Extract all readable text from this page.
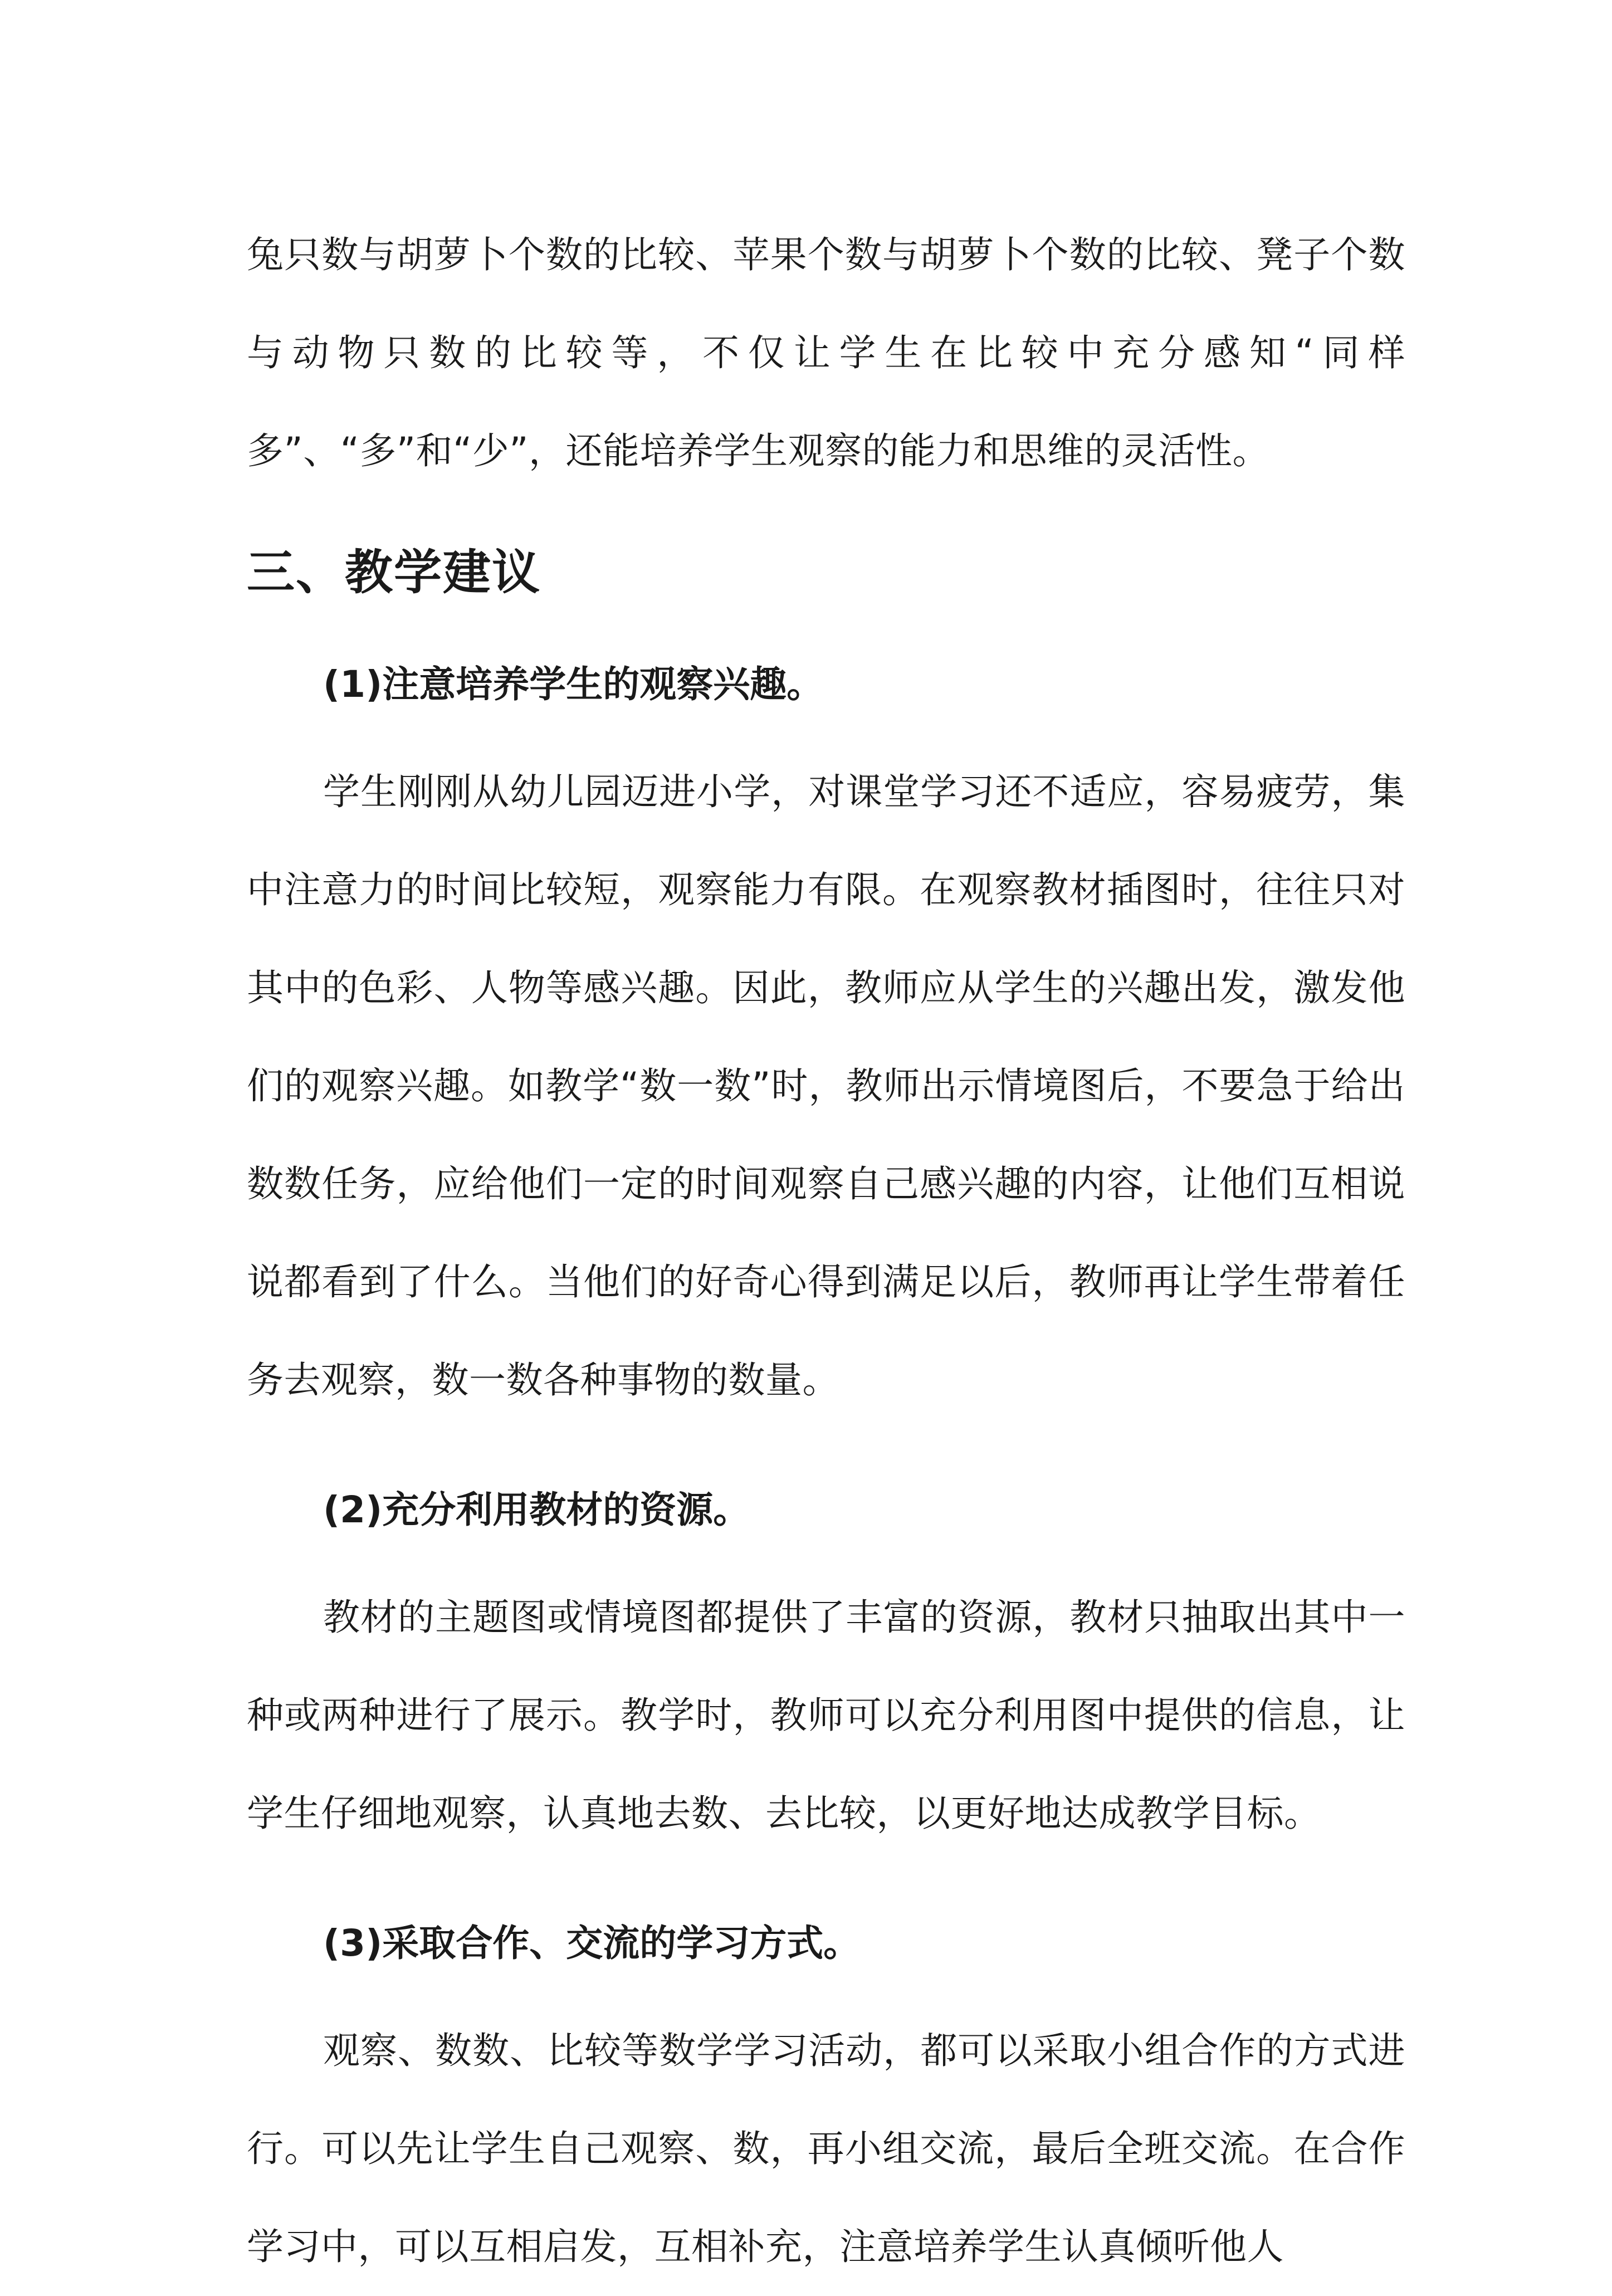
兔只数与胡萝卜个数的比较、苹果个数与胡萝卜个数的比较、凳子个数与动物只数的比较等，不仅让学生在比较中充分感知“同样多”、“多”和“少”，还能培养学生观察的能力和思维的灵活性。

三、教学建议
(1)注意培养学生的观察兴趣。

学生刚刚从幼儿园迈进小学，对课堂学习还不适应，容易疲劳，集中注意力的时间比较短，观察能力有限。在观察教材插图时，往往只对其中的色彩、人物等感兴趣。因此，教师应从学生的兴趣出发，激发他们的观察兴趣。如教学“数一数”时，教师出示情境图后，不要急于给出数数任务，应给他们一定的时间观察自己感兴趣的内容，让他们互相说说都看到了什么。当他们的好奇心得到满足以后，教师再让学生带着任务去观察，数一数各种事物的数量。

(2)充分利用教材的资源。

教材的主题图或情境图都提供了丰富的资源，教材只抽取出其中一种或两种进行了展示。教学时，教师可以充分利用图中提供的信息，让学生仔细地观察，认真地去数、去比较，以更好地达成教学目标。

(3)采取合作、交流的学习方式。

观察、数数、比较等数学学习活动，都可以采取小组合作的方式进行。可以先让学生自己观察、数，再小组交流，最后全班交流。在合作学习中，可以互相启发，互相补充，注意培养学生认真倾听他人
